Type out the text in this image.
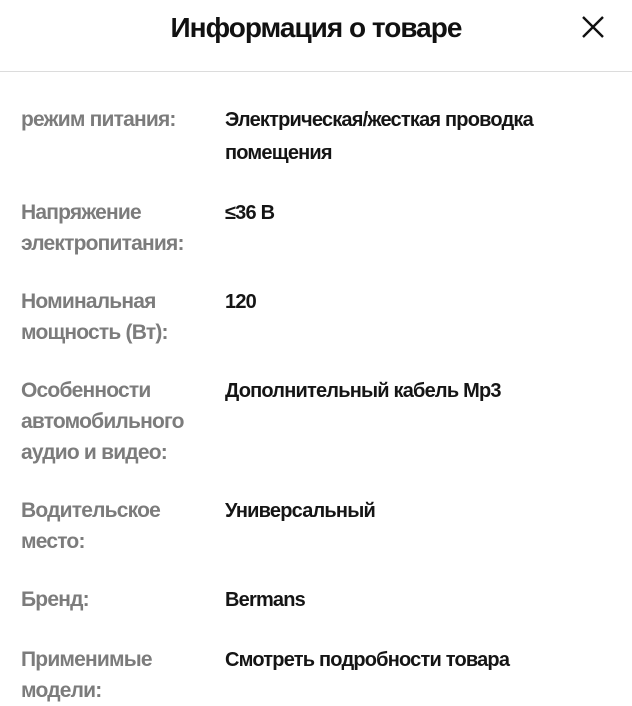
Информация о товаре
режим питания:	Электрическая/жесткая проводка
помещения
Напряжение
электропитания:
≤36 В
Номинальная
мощность (Вт):
120
Особенности
автомобильного
аудио и видео:
Дополнительный кабель Mp3
Водительское
место:
Универсальный
Бренд:	Bermans
Применимые
модели:
Смотреть подробности товара
